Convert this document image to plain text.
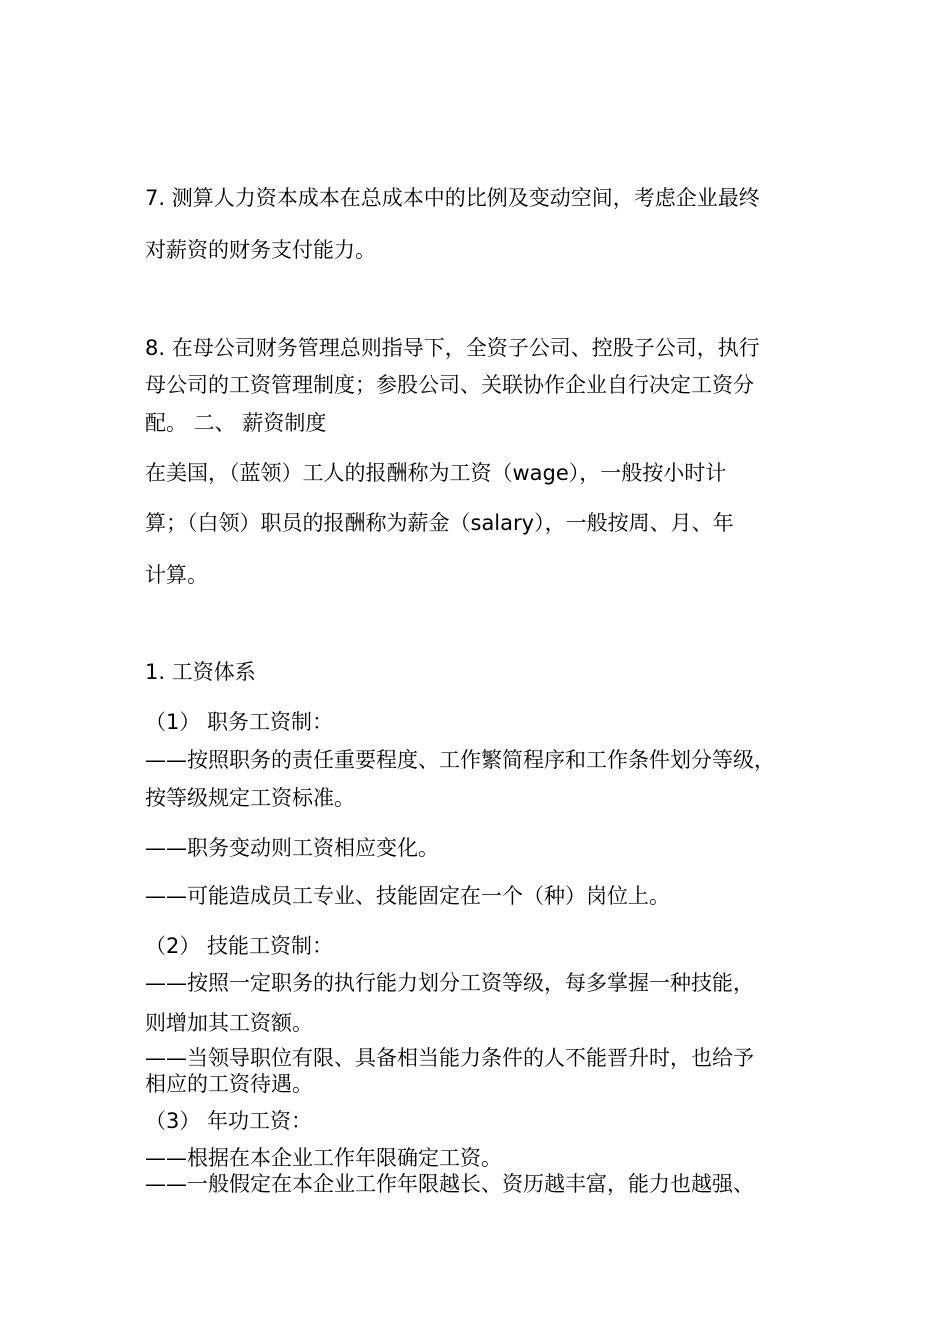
7. 测算人力资本成本在总成本中的比例及变动空间，考虑企业最终

对薪资的财务支付能力。

8. 在母公司财务管理总则指导下，全资子公司、控股子公司，执行

母公司的工资管理制度；参股公司、关联协作企业自行决定工资分

配。 二、 薪资制度

在美国，（蓝领）工人的报酬称为工资（wage），一般按小时计

算；（白领）职员的报酬称为薪金（salary），一般按周、月、年

计算。

1. 工资体系

（1） 职务工资制：

——按照职务的责任重要程度、工作繁简程序和工作条件划分等级，

按等级规定工资标准。

——职务变动则工资相应变化。

——可能造成员工专业、技能固定在一个（种）岗位上。

（2） 技能工资制：

——按照一定职务的执行能力划分工资等级，每多掌握一种技能，

则增加其工资额。

——当领导职位有限、具备相当能力条件的人不能晋升时，也给予

相应的工资待遇。

（3） 年功工资：

——根据在本企业工作年限确定工资。

——一般假定在本企业工作年限越长、资历越丰富，能力也越强、
